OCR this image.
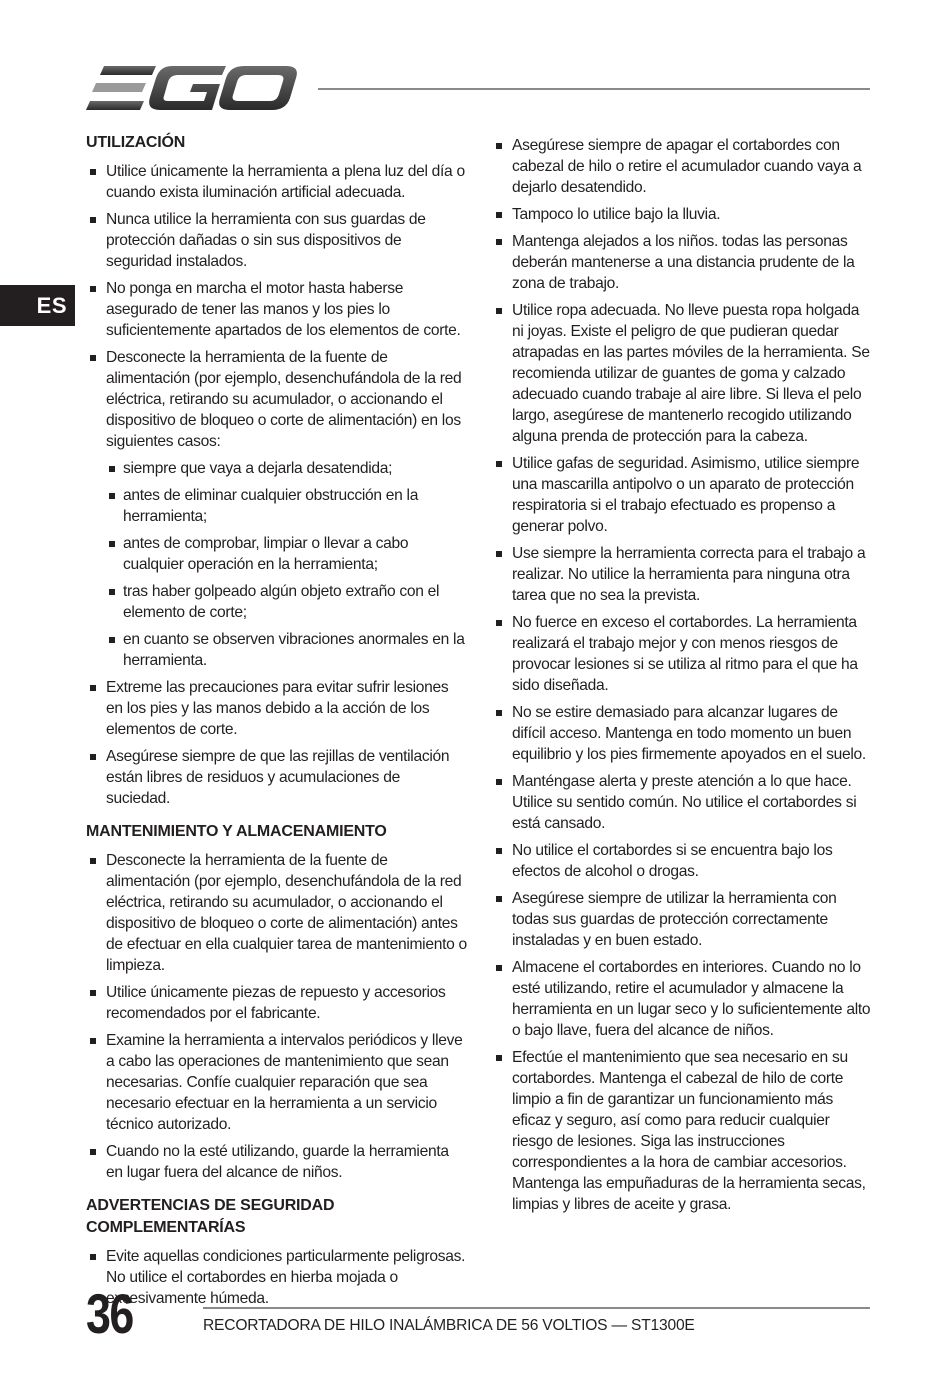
ES
UTILIZACIÓN
Utilice únicamente la herramienta a plena luz del día o cuando exista iluminación artificial adecuada.
Nunca utilice la herramienta con sus guardas de protección dañadas o sin sus dispositivos de seguridad instalados.
No ponga en marcha el motor hasta haberse asegurado de tener las manos y los pies lo suficientemente apartados de los elementos de corte.
Desconecte la herramienta de la fuente de alimentación (por ejemplo, desenchufándola de la red eléctrica, retirando su acumulador, o accionando el dispositivo de bloqueo o corte de alimentación) en los siguientes casos:
siempre que vaya a dejarla desatendida;
antes de eliminar cualquier obstrucción en la herramienta;
antes de comprobar, limpiar o llevar a cabo cualquier operación en la herramienta;
tras haber golpeado algún objeto extraño con el elemento de corte;
en cuanto se observen vibraciones anormales en la herramienta.
Extreme las precauciones para evitar sufrir lesiones en los pies y las manos debido a la acción de los elementos de corte.
Asegúrese siempre de que las rejillas de ventilación están libres de residuos y acumulaciones de suciedad.
MANTENIMIENTO Y ALMACENAMIENTO
Desconecte la herramienta de la fuente de alimentación (por ejemplo, desenchufándola de la red eléctrica, retirando su acumulador, o accionando el dispositivo de bloqueo o corte de alimentación) antes de efectuar en ella cualquier tarea de mantenimiento o limpieza.
Utilice únicamente piezas de repuesto y accesorios recomendados por el fabricante.
Examine la herramienta a intervalos periódicos y lleve a cabo las operaciones de mantenimiento que sean necesarias. Confíe cualquier reparación que sea necesario efectuar en la herramienta a un servicio técnico autorizado.
Cuando no la esté utilizando, guarde la herramienta en lugar fuera del alcance de niños.
ADVERTENCIAS DE SEGURIDAD COMPLEMENTARÍAS
Evite aquellas condiciones particularmente peligrosas. No utilice el cortabordes en hierba mojada o excesivamente húmeda.
Asegúrese siempre de apagar el cortabordes con cabezal de hilo o retire el acumulador cuando vaya a dejarlo desatendido.
Tampoco lo utilice bajo la lluvia.
Mantenga alejados a los niños. todas las personas deberán mantenerse a una distancia prudente de la zona de trabajo.
Utilice ropa adecuada. No lleve puesta ropa holgada ni joyas. Existe el peligro de que pudieran quedar atrapadas en las partes móviles de la herramienta. Se recomienda utilizar de guantes de goma y calzado adecuado cuando trabaje al aire libre. Si lleva el pelo largo, asegúrese de mantenerlo recogido utilizando alguna prenda de protección para la cabeza.
Utilice gafas de seguridad. Asimismo, utilice siempre una mascarilla antipolvo o un aparato de protección respiratoria si el trabajo efectuado es propenso a generar polvo.
Use siempre la herramienta correcta para el trabajo a realizar. No utilice la herramienta para ninguna otra tarea que no sea la prevista.
No fuerce en exceso el cortabordes. La herramienta realizará el trabajo mejor y con menos riesgos de provocar lesiones si se utiliza al ritmo para el que ha sido diseñada.
No se estire demasiado para alcanzar lugares de difícil acceso. Mantenga en todo momento un buen equilibrio y los pies firmemente apoyados en el suelo.
Manténgase alerta y preste atención a lo que hace. Utilice su sentido común. No utilice el cortabordes si está cansado.
No utilice el cortabordes si se encuentra bajo los efectos de alcohol o drogas.
Asegúrese siempre de utilizar la herramienta con todas sus guardas de protección correctamente instaladas y en buen estado.
Almacene el cortabordes en interiores. Cuando no lo esté utilizando, retire el acumulador y almacene la herramienta en un lugar seco y lo suficientemente alto o bajo llave, fuera del alcance de niños.
Efectúe el mantenimiento que sea necesario en su cortabordes. Mantenga el cabezal de hilo de corte limpio a fin de garantizar un funcionamiento más eficaz y seguro, así como para reducir cualquier riesgo de lesiones. Siga las instrucciones correspondientes a la hora de cambiar accesorios. Mantenga las empuñaduras de la herramienta secas, limpias y libres de aceite y grasa.
36	RECORTADORA DE HILO INALÁMBRICA DE 56 VOLTIOS — ST1300E
